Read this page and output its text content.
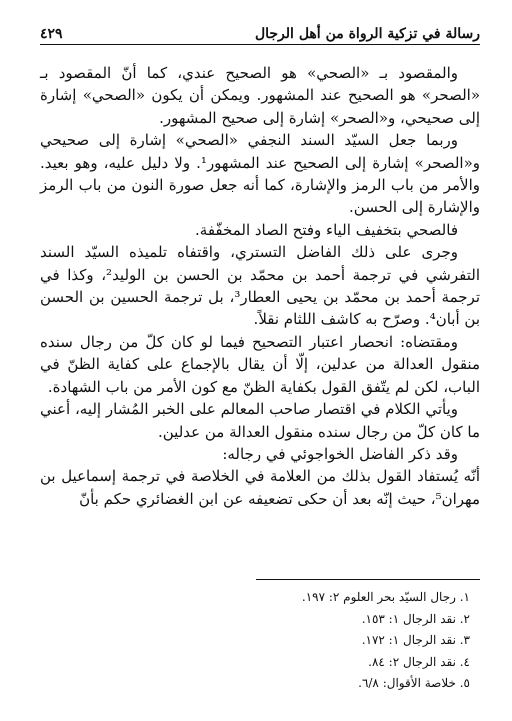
رسالة في تزكية الرواة من أهل الرجال
٤٢٩

والمقصود بـ «الصحي» هو الصحيح عندي، كما أنّ المقصود بـ «الصحر» هو الصحيح عند المشهور. ويمكن أن يكون «الصحي» إشارة إلى صحيحي، و«الصحر» إشارة إلى صحيح المشهور.

وربما جعل السيّد السند النجفي «الصحي» إشارة إلى صحيحي و«الصحر» إشارة إلى الصحيح عند المشهور¹. ولا دليل عليه، وهو بعيد. والأمر من باب الرمز والإشارة، كما أنه جعل صورة النون من باب الرمز والإشارة إلى الحسن.

فالصحي بتخفيف الياء وفتح الصاد المخفّفة.

وجرى على ذلك الفاضل التستري، واقتفاه تلميذه السيّد السند التفرشي في ترجمة أحمد بن محمّد بن الحسن بن الوليد²، وكذا في ترجمة أحمد بن محمّد بن يحيى العطار³، بل ترجمة الحسين بن الحسن بن أبان⁴. وصرّح به كاشف اللثام نقلاً.

ومقتضاه: انحصار اعتبار التصحيح فيما لو كان كلّ من رجال سنده منقول العدالة من عدلين، إلّا أن يقال بالإجماع على كفاية الظنّ في الباب، لكن لم يتّفق القول بكفاية الظنّ مع كون الأمر من باب الشهادة.

ويأتي الكلام في اقتصار صاحب المعالم على الخبر المُشار إليه، أعني ما كان كلّ من رجال سنده منقول العدالة من عدلين.

وقد ذكر الفاضل الخواجوئي في رجاله:

أنّه يُستفاد القول بذلك من العلامة في الخلاصة في ترجمة إسماعيل بن مهران⁵، حيث إنّه بعد أن حكى تضعيفه عن ابن الغضائري حكم بأنّ

١. رجال السيّد بحر العلوم ٢: ١٩٧.
٢. نقد الرجال ١: ١٥٣.
٣. نقد الرجال ١: ١٧٢.
٤. نقد الرجال ٢: ٨٤.
٥. خلاصة الأقوال: ٦/٨.
